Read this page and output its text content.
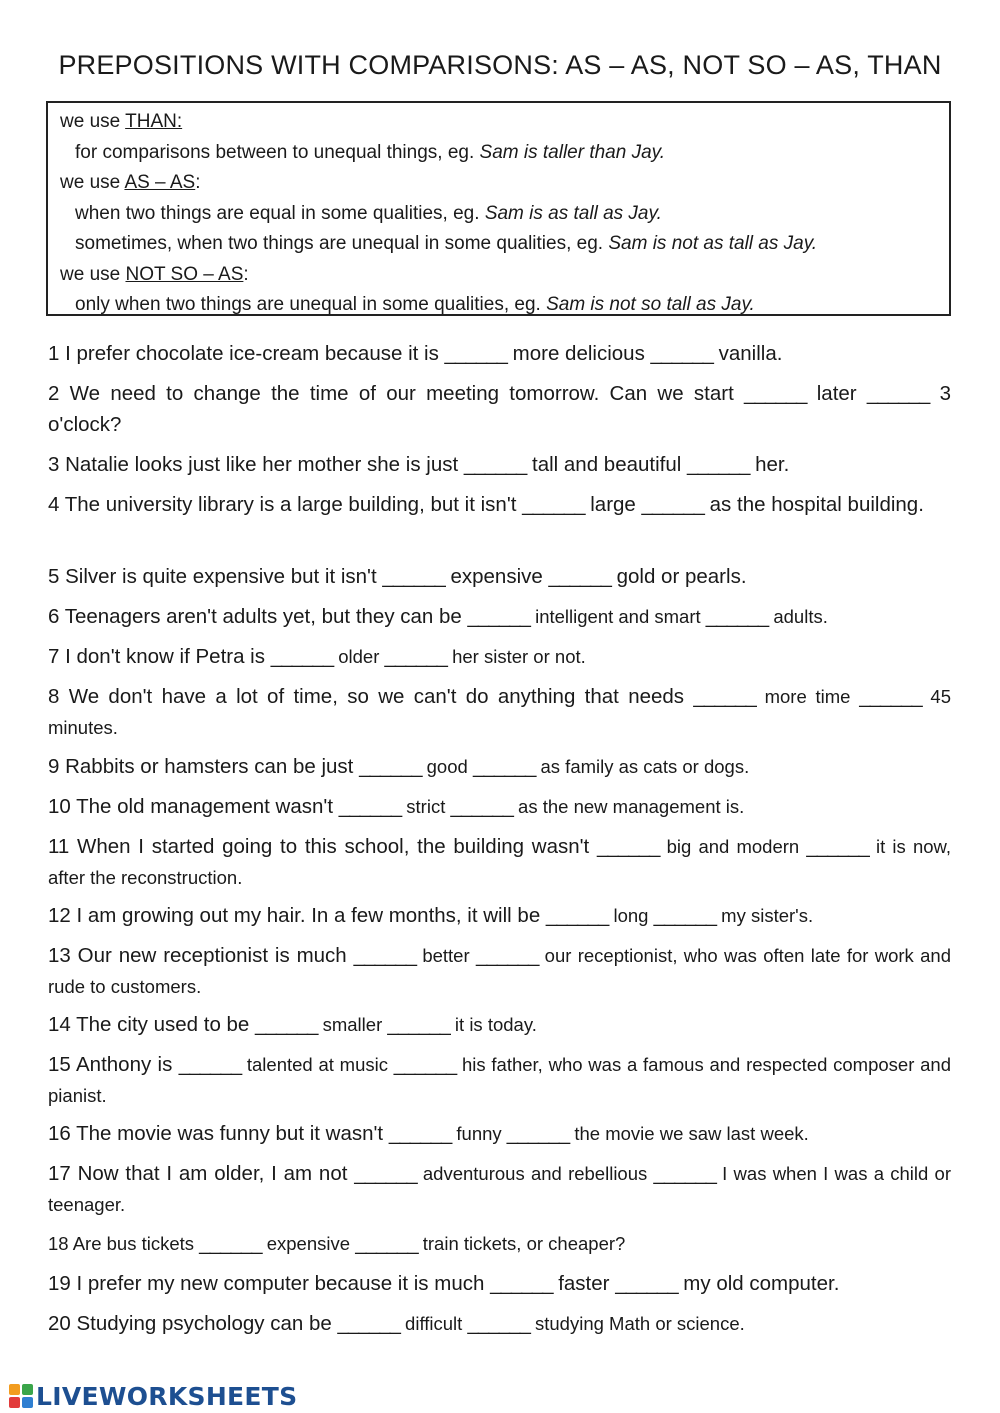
PREPOSITIONS WITH COMPARISONS: AS – AS, NOT SO – AS, THAN
we use THAN:
for comparisons between to unequal things, eg. Sam is taller than Jay.
we use AS – AS:
when two things are equal in some qualities, eg. Sam is as tall as Jay.
sometimes, when two things are unequal in some qualities, eg. Sam is not as tall as Jay.
we use NOT SO – AS:
only when two things are unequal in some qualities, eg. Sam is not so tall as Jay.
1 I prefer chocolate ice-cream because it is ______ more delicious ______ vanilla.
2 We need to change the time of our meeting tomorrow. Can we start ______ later ______ 3 o'clock?
3 Natalie looks just like her mother she is just ______ tall and beautiful ______ her.
4 The university library is a large building, but it isn't ______ large ______ as the hospital building.
5 Silver is quite expensive but it isn't ______ expensive ______ gold or pearls.
6 Teenagers aren't adults yet, but they can be ______ intelligent and smart ______ adults.
7 I don't know if Petra is ______ older ______ her sister or not.
8 We don't have a lot of time, so we can't do anything that needs ______ more time ______ 45 minutes.
9 Rabbits or hamsters can be just ______ good ______ as family as cats or dogs.
10 The old management wasn't ______ strict ______ as the new management is.
11 When I started going to this school, the building wasn't ______ big and modern ______ it is now, after the reconstruction.
12 I am growing out my hair. In a few months, it will be ______ long ______ my sister's.
13 Our new receptionist is much ______ better ______ our receptionist, who was often late for work and rude to customers.
14 The city used to be ______ smaller ______ it is today.
15 Anthony is ______ talented at music ______ his father, who was a famous and respected composer and pianist.
16 The movie was funny but it wasn't ______ funny ______ the movie we saw last week.
17 Now that I am older, I am not ______ adventurous and rebellious ______ I was when I was a child or teenager.
18 Are bus tickets ______ expensive ______ train tickets, or cheaper?
19 I prefer my new computer because it is much ______ faster ______ my old computer.
20 Studying psychology can be ______ difficult ______ studying Math or science.
LIVEWORKSHEETS
